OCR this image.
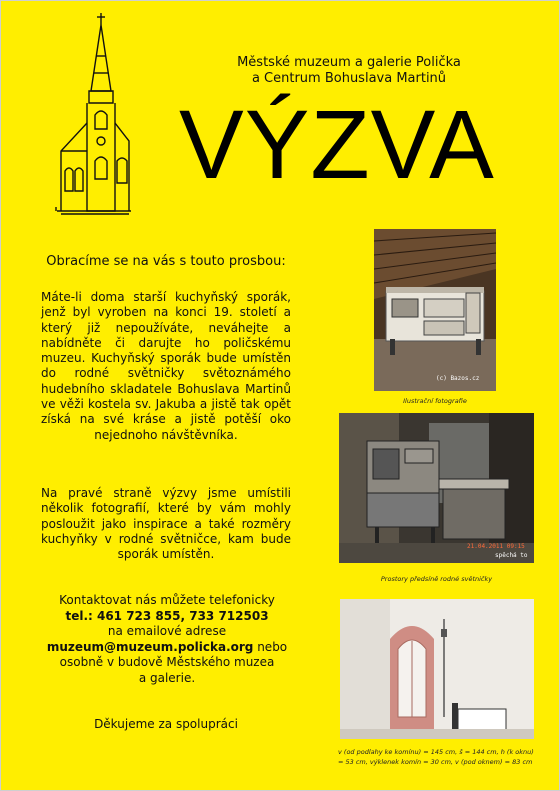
Městské muzeum a galerie Polička
a Centrum Bohuslava Martinů
VÝZVA
Obracíme se na vás s touto prosbou:
Máte-li doma starší kuchyňský sporák, jenž byl vyroben na konci 19. století a který již nepoužíváte, neváhejte a nabídněte či darujte ho poličskému muzeu. Kuchyňský sporák bude umístěn do rodné světničky světoznámého hudebního skladatele Bohuslava Martinů ve věži kostela sv. Jakuba a jistě tak opět získá na své kráse a jistě potěší oko nejednoho návštěvníka.
Na pravé straně výzvy jsme umístili několik fotografií, které by vám mohly posloužit jako inspirace a také rozměry kuchyňky v rodné světničce, kam bude sporák umístěn.
Kontaktovat nás můžete telefonicky
tel.: 461 723 855, 733 712503
na emailové adrese
muzeum@muzeum.policka.org nebo
osobně v budově Městského muzea
a galerie.
Děkujeme za spolupráci
(c) Bazos.cz
Ilustrační fotografie
21.04.2011 09:15
spěchá to
Prostory předsíně rodné světničky
v (od podlahy ke komínu) = 145 cm, š = 144 cm, h (k oknu)
= 53 cm, výklenek komín = 30 cm, v (pod oknem) = 83 cm
